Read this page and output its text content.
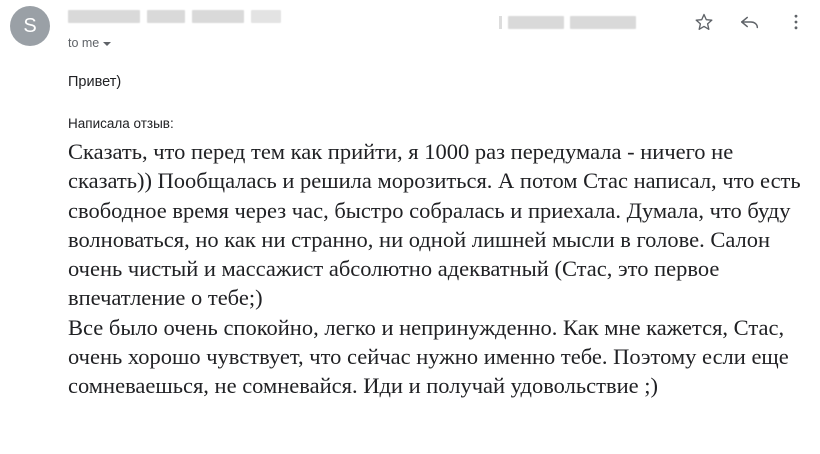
S
to me

Привет)

Написала отзыв:

Сказать, что перед тем как прийти, я 1000 раз передумала - ничего не сказать)) Пообщалась и решила морозиться. А потом Стас написал, что есть свободное время через час, быстро собралась и приехала. Думала, что буду волноваться, но как ни странно, ни одной лишней мысли в голове. Салон очень чистый и массажист абсолютно адекватный (Стас, это первое впечатление о тебе;)

Все было очень спокойно, легко и непринужденно. Как мне кажется, Стас, очень хорошо чувствует, что сейчас нужно именно тебе. Поэтому если еще сомневаешься, не сомневайся. Иди и получай удовольствие ;)
